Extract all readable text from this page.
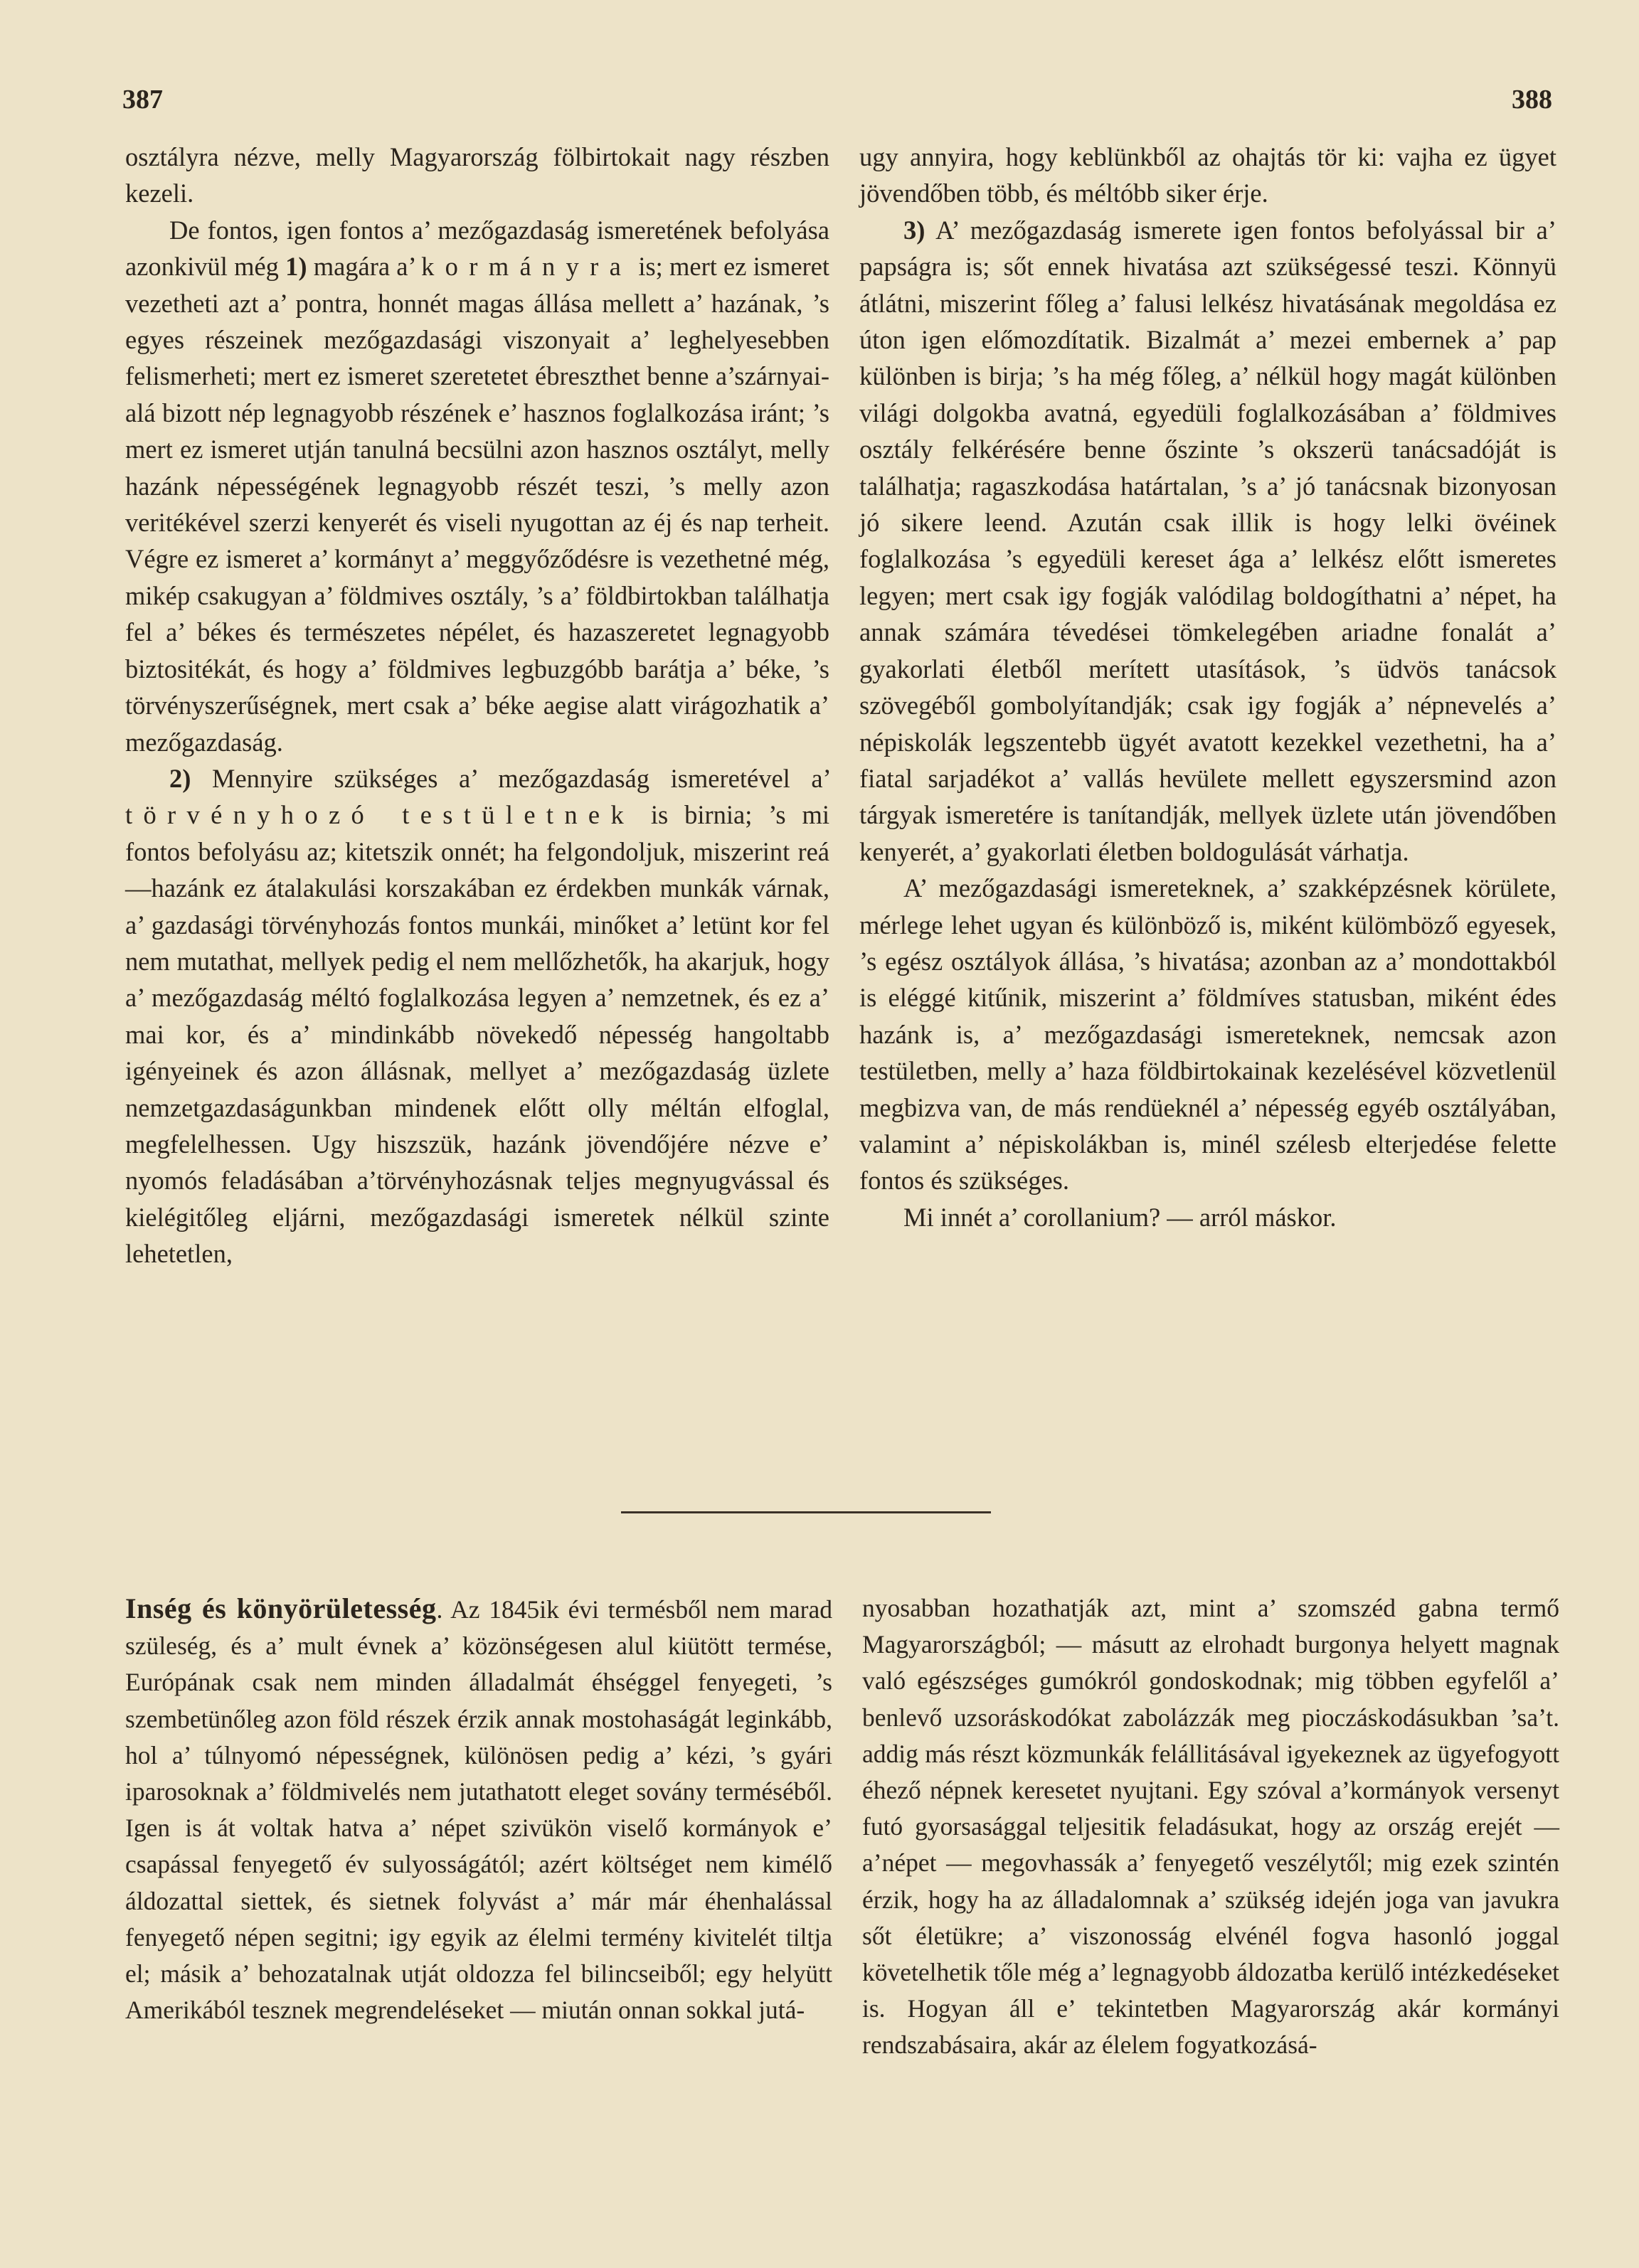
387	388

osztályra nézve, melly Magyarország fölbirtokait nagy részben kezeli.

De fontos, igen fontos a’ mezőgazdaság ismeretének befolyása azonkivül még 1) magára a’ kormányra is; mert ez ismeret vezetheti azt a’ pontra, honnét magas állása mellett a’ hazának, ’s egyes részeinek mezőgazdasági viszonyait a’ leghelyesebben felismerheti; mert ez ismeret szeretetet ébreszthet benne a’szárnyai-alá bizott nép legnagyobb részének e’ hasznos foglalkozása iránt; ’s mert ez ismeret utján tanulná becsülni azon hasznos osztályt, melly hazánk népességének legnagyobb részét teszi, ’s melly azon veritékével szerzi kenyerét és viseli nyugottan az éj és nap terheit. Végre ez ismeret a’ kormányt a’ meggyőződésre is vezethetné még, mikép csakugyan a’ földmives osztály, ’s a’ földbirtokban találhatja fel a’ békes és természetes népélet, és hazaszeretet legnagyobb biztositékát, és hogy a’ földmives legbuzgóbb barátja a’ béke, ’s törvényszerűségnek, mert csak a’ béke aegise alatt virágozhatik a’ mezőgazdaság.

2) Mennyire szükséges a’ mezőgazdaság ismeretével a’ törvényhozó testületnek is birnia; ’s mi fontos befolyásu az; kitetszik onnét; ha felgondoljuk, miszerint reá—hazánk ez átalakulási korszakában ez érdekben munkák várnak, a’ gazdasági törvényhozás fontos munkái, minőket a’ letünt kor fel nem mutathat, mellyek pedig el nem mellőzhetők, ha akarjuk, hogy a’ mezőgazdaság méltó foglalkozása legyen a’ nemzetnek, és ez a’ mai kor, és a’ mindinkább növekedő népesség hangoltabb igényeinek és azon állásnak, mellyet a’ mezőgazdaság üzlete nemzetgazdaságunkban mindenek előtt olly méltán elfoglal, megfelelhessen. Ugy hiszszük, hazánk jövendőjére nézve e’ nyomós feladásában a’törvényhozásnak teljes megnyugvással és kielégitőleg eljárni, mezőgazdasági ismeretek nélkül szinte lehetetlen,

ugy annyira, hogy keblünkből az ohajtás tör ki: vajha ez ügyet jövendőben több, és méltóbb siker érje.

3) A’ mezőgazdaság ismerete igen fontos befolyással bir a’ papságra is; sőt ennek hivatása azt szükségessé teszi. Könnyü átlátni, miszerint főleg a’ falusi lelkész hivatásának megoldása ez úton igen előmozdítatik. Bizalmát a’ mezei embernek a’ pap különben is birja; ’s ha még főleg, a’ nélkül hogy magát különben világi dolgokba avatná, egyedüli foglalkozásában a’ földmives osztály felkérésére benne őszinte ’s okszerü tanácsadóját is találhatja; ragaszkodása határtalan, ’s a’ jó tanácsnak bizonyosan jó sikere leend. Azután csak illik is hogy lelki övéinek foglalkozása ’s egyedüli kereset ága a’ lelkész előtt ismeretes legyen; mert csak igy fogják valódilag boldogíthatni a’ népet, ha annak számára tévedései tömkelegében ariadne fonalát a’ gyakorlati életből merített utasítások, ’s üdvös tanácsok szövegéből gombolyítandják; csak igy fogják a’ népnevelés a’ népiskolák legszentebb ügyét avatott kezekkel vezethetni, ha a’ fiatal sarjadékot a’ vallás hevülete mellett egyszersmind azon tárgyak ismeretére is tanítandják, mellyek üzlete után jövendőben kenyerét, a’ gyakorlati életben boldogulását várhatja.

A’ mezőgazdasági ismereteknek, a’ szakképzésnek körülete, mérlege lehet ugyan és különböző is, miként külömböző egyesek, ’s egész osztályok állása, ’s hivatása; azonban az a’ mondottakból is eléggé kitűnik, miszerint a’ földmíves statusban, miként édes hazánk is, a’ mezőgazdasági ismereteknek, nemcsak azon testületben, melly a’ haza földbirtokainak kezelésével közvetlenül megbizva van, de más rendüeknél a’ népesség egyéb osztályában, valamint a’ népiskolákban is, minél szélesb elterjedése felette fontos és szükséges.

Mi innét a’ corollanium? — arról máskor.

Inség és könyörületesség. Az 1845ik évi termésből nem marad szüleség, és a’ mult évnek a’ közönségesen alul kiütött termése, Európának csak nem minden álladalmát éhséggel fenyegeti, ’s szembetünőleg azon föld részek érzik annak mostohaságát leginkább, hol a’ túlnyomó népességnek, különösen pedig a’ kézi, ’s gyári iparosoknak a’ földmivelés nem jutathatott eleget sovány terméséből. Igen is át voltak hatva a’ népet szivükön viselő kormányok e’ csapással fenyegető év sulyosságától; azért költséget nem kimélő áldozattal siettek, és sietnek folyvást a’ már már éhenhalással fenyegető népen segitni; igy egyik az élelmi termény kivitelét tiltja el; másik a’ behozatalnak utját oldozza fel bilincseiből; egy helyütt Amerikából tesznek megrendeléseket — miután onnan sokkal jutá-

nyosabban hozathatják azt, mint a’ szomszéd gabna termő Magyarországból; — másutt az elrohadt burgonya helyett magnak való egészséges gumókról gondoskodnak; mig többen egyfelől a’ benlevő uzsoráskodókat zabolázzák meg pioczáskodásukban ’sa’t. addig más részt közmunkák felállitásával igyekeznek az ügyefogyott éhező népnek keresetet nyujtani. Egy szóval a’kormányok versenyt futó gyorsasággal teljesitik feladásukat, hogy az ország erejét — a’népet — megovhassák a’ fenyegető veszélytől; mig ezek szintén érzik, hogy ha az álladalomnak a’ szükség idején joga van javukra sőt életükre; a’ viszonosság elvénél fogva hasonló joggal követelhetik tőle még a’ legnagyobb áldozatba kerülő intézkedéseket is. Hogyan áll e’ tekintetben Magyarország akár kormányi rendszabásaira, akár az élelem fogyatkozásá-
